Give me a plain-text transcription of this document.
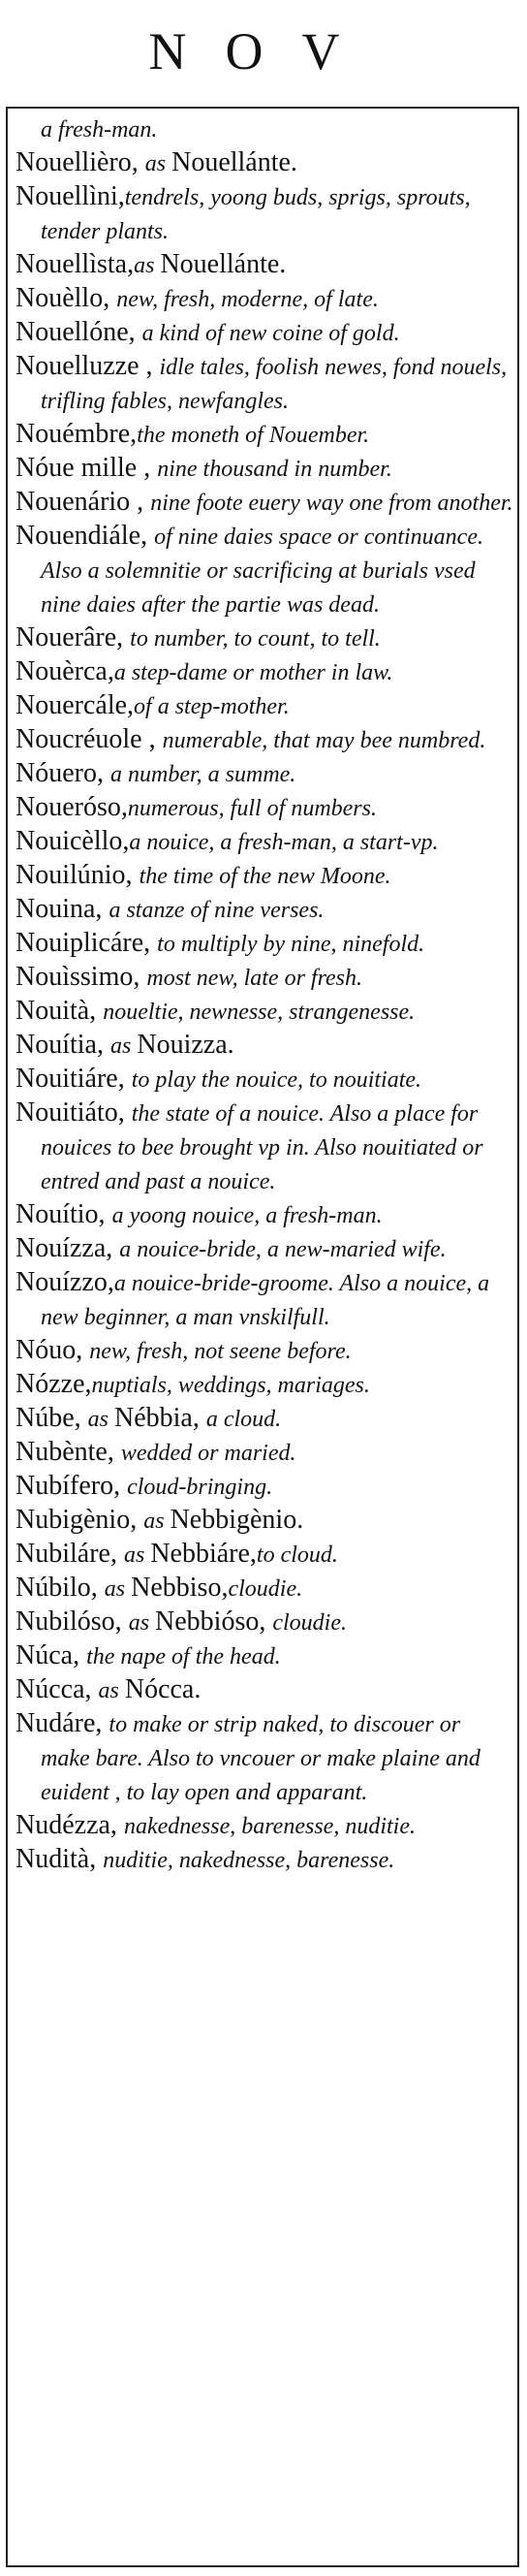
NOV

a fresh-man.

Nouellièro, as Nouellánte.

Nouellìni,tendrels, yoong buds, sprigs, sprouts, tender plants.

Nouellìsta,as Nouellánte.

Nouèllo, new, fresh, moderne, of late.

Nouellóne, a kind of new coine of gold.

Nouelluzze , idle tales, foolish newes, fond nouels, trifling fables, newfangles.

Nouémbre,the moneth of Nouember.

Nóue mille , nine thousand in number.

Nouenário , nine foote euery way one from another.

Nouendiále, of nine daies space or continuance. Also a solemnitie or sacrificing at burials vsed nine daies after the partie was dead.

Nouerâre, to number, to count, to tell.

Nouèrca,a step-dame or mother in law.

Nouercále,of a step-mother.

Noucréuole , numerable, that may bee numbred.

Nóuero, a number, a summe.

Noueróso,numerous, full of numbers.

Nouicèllo,a nouice, a fresh-man, a start-vp.

Nouilúnio, the time of the new Moone.

Nouina, a stanze of nine verses.

Nouiplicáre, to multiply by nine, ninefold.

Nouìssimo, most new, late or fresh.

Nouità, noueltie, newnesse, strangenesse.

Nouítia, as Nouizza.

Nouitiáre, to play the nouice, to nouitiate.

Nouitiáto, the state of a nouice. Also a place for nouices to bee brought vp in. Also nouitiated or entred and past a nouice.

Nouítio, a yoong nouice, a fresh-man.

Nouízza, a nouice-bride, a new-maried wife.

Nouízzo,a nouice-bride-groome. Also a nouice, a new beginner, a man vnskilfull.

Nóuo, new, fresh, not seene before.

Nózze,nuptials, weddings, mariages.

Núbe, as Nébbia, a cloud.

Nubènte, wedded or maried.

Nubífero, cloud-bringing.

Nubigènio, as Nebbigènio.

Nubiláre, as Nebbiáre,to cloud.

Núbilo, as Nebbiso,cloudie.

Nubilóso, as Nebbióso, cloudie.

Núca, the nape of the head.

Núcca, as Nócca.

Nudáre, to make or strip naked, to discouer or make bare. Also to vncouer or make plaine and euident , to lay open and apparant.

Nudézza, nakednesse, barenesse, nuditie.

Nudità, nuditie, nakednesse, barenesse.
